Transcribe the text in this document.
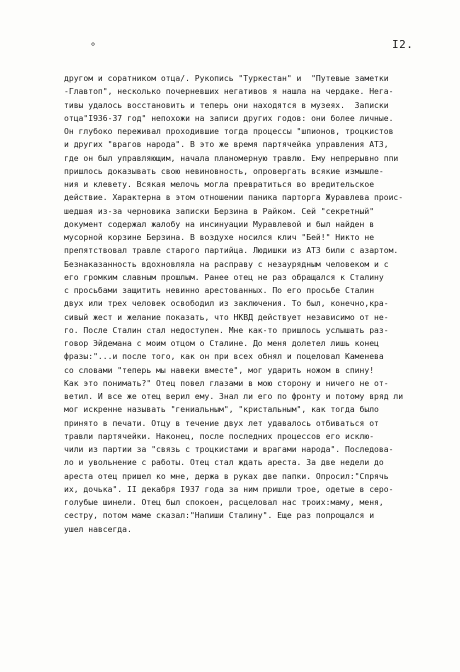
°	I2.
другом и соратником отца/. Рукопись "Туркестан" и  "Путевые заметки
-Главтоп", несколько почерневших негативов я нашла на чердаке. Нега-
тивы удалось восстановить и теперь они находятся в музеях.  Записки
отца"I936-37 год" непохожи на записи других годов: они более личные.
Он глубоко переживал проходившие тогда процессы "шпионов, троцкистов
и других "врагов народа". В это же время партячейка управления АТЗ,
где он был управляющим, начала планомерную травлю. Ему непрерывно ппи
пришлось доказывать свою невиновность, опровергать всякие измышле-
ния и клевету. Всякая мелочь могла превратиться во вредительское
действие. Характерна в этом отношении паника парторга Журавлева проис-
шедшая из-за черновика записки Берзина в Райком. Сей "секретный"
документ содержал жалобу на инсинуации Муравлевой и был найден в
мусорной корзине Берзина. В воздухе носился клич "Бей!" Никто не
препятствовал травле старого партийца. Людишки из АТЗ били с азартом.
Безнаказанность вдохновляла на расправу с незаурядным человеком и с
его громким славным прошлым. Ранее отец не раз обращался к Сталину
с просьбами защитить невинно арестованных. По его просьбе Сталин
двух или трех человек освободил из заключения. То был, конечно,кра-
сивый жест и желание показать, что НКВД действует независимо от не-
го. После Сталин стал недоступен. Мне как-то пришлось услышать раз-
говор Эйдемана с моим отцом о Сталине. До меня долетел лишь конец
фразы:"...и после того, как он при всех обнял и поцеловал Каменева
со словами "теперь мы навеки вместе", мог ударить ножом в спину!
Как это понимать?" Отец повел глазами в мою сторону и ничего не от-
ветил. И все же отец верил ему. Знал ли его по фронту и потому вряд ли
мог искренне называть "гениальным", "кристальным", как тогда было
принято в печати. Отцу в течение двух лет удавалось отбиваться от
травли партячейки. Наконец, после последних процессов его исклю-
чили из партии за "связь с троцкистами и врагами народа". Последова-
ло и увольнение с работы. Отец стал ждать ареста. За две недели до
ареста отец пришел ко мне, держа в руках две папки. Опросил:"Спрячь
их, дочька". II декабря I937 года за ним пришли трое, одетые в серо-
голубые шинели. Отец был спокоен, расцеловал нас троих:маму, меня,
сестру, потом маме сказал:"Напиши Сталину". Еще раз попрощался и
ушел навсегда.
